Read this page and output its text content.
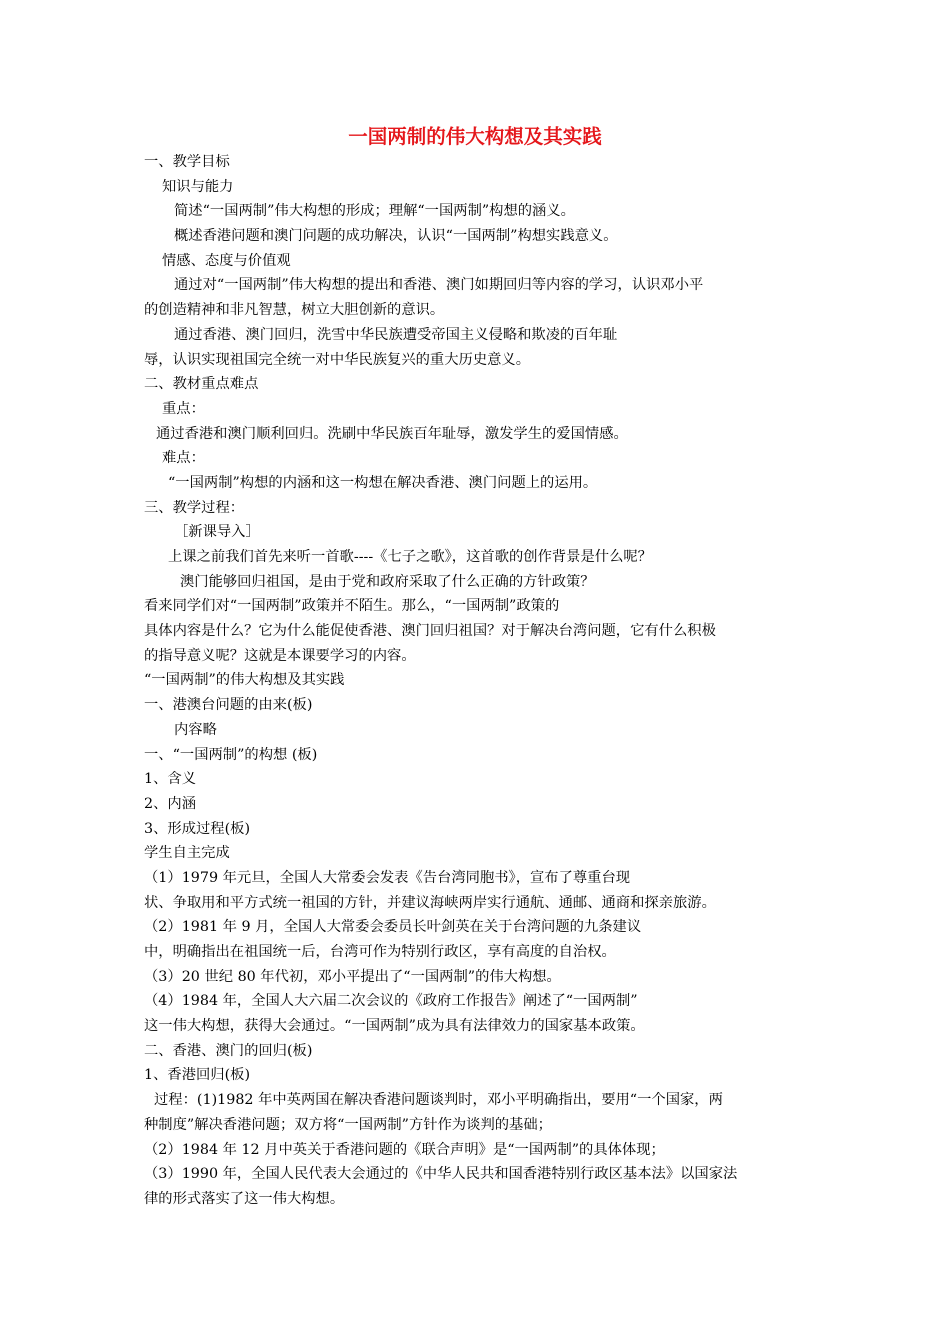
一国两制的伟大构想及其实践
一、教学目标
知识与能力
简述“一国两制”伟大构想的形成；理解“一国两制”构想的涵义。
概述香港问题和澳门问题的成功解决，认识“一国两制”构想实践意义。
情感、态度与价值观
通过对“一国两制”伟大构想的提出和香港、澳门如期回归等内容的学习，认识邓小平
的创造精神和非凡智慧，树立大胆创新的意识。
通过香港、澳门回归，洗雪中华民族遭受帝国主义侵略和欺凌的百年耻
辱，认识实现祖国完全统一对中华民族复兴的重大历史意义。
二、教材重点难点
重点：
通过香港和澳门顺利回归。洗刷中华民族百年耻辱，激发学生的爱国情感。
难点：
“一国两制”构想的内涵和这一构想在解决香港、澳门问题上的运用。
三、教学过程：
［新课导入］
上课之前我们首先来听一首歌----《七子之歌》，这首歌的创作背景是什么呢？
澳门能够回归祖国，是由于党和政府采取了什么正确的方针政策？
看来同学们对“一国两制”政策并不陌生。那么，“一国两制”政策的
具体内容是什么？它为什么能促使香港、澳门回归祖国？对于解决台湾问题，它有什么积极
的指导意义呢？这就是本课要学习的内容。
“一国两制”的伟大构想及其实践
一、港澳台问题的由来(板)
内容略
一、“一国两制”的构想 (板)
1、含义
2、内涵
3、形成过程(板)
学生自主完成
（1）1979 年元旦，全国人大常委会发表《告台湾同胞书》，宣布了尊重台现
状、争取用和平方式统一祖国的方针，并建议海峡两岸实行通航、通邮、通商和探亲旅游。
（2）1981 年 9 月，全国人大常委会委员长叶剑英在关于台湾问题的九条建议
中，明确指出在祖国统一后，台湾可作为特别行政区，享有高度的自治权。
（3）20 世纪 80 年代初，邓小平提出了“一国两制”的伟大构想。
（4）1984 年，全国人大六届二次会议的《政府工作报告》阐述了“一国两制”
这一伟大构想，获得大会通过。“一国两制”成为具有法律效力的国家基本政策。
二、香港、澳门的回归(板)
1、香港回归(板)
过程：(1)1982 年中英两国在解决香港问题谈判时，邓小平明确指出，要用“一个国家，两
种制度”解决香港问题；双方将“一国两制”方针作为谈判的基础；
（2）1984 年 12 月中英关于香港问题的《联合声明》是“一国两制”的具体体现；
（3）1990 年，全国人民代表大会通过的《中华人民共和国香港特别行政区基本法》以国家法
律的形式落实了这一伟大构想。
